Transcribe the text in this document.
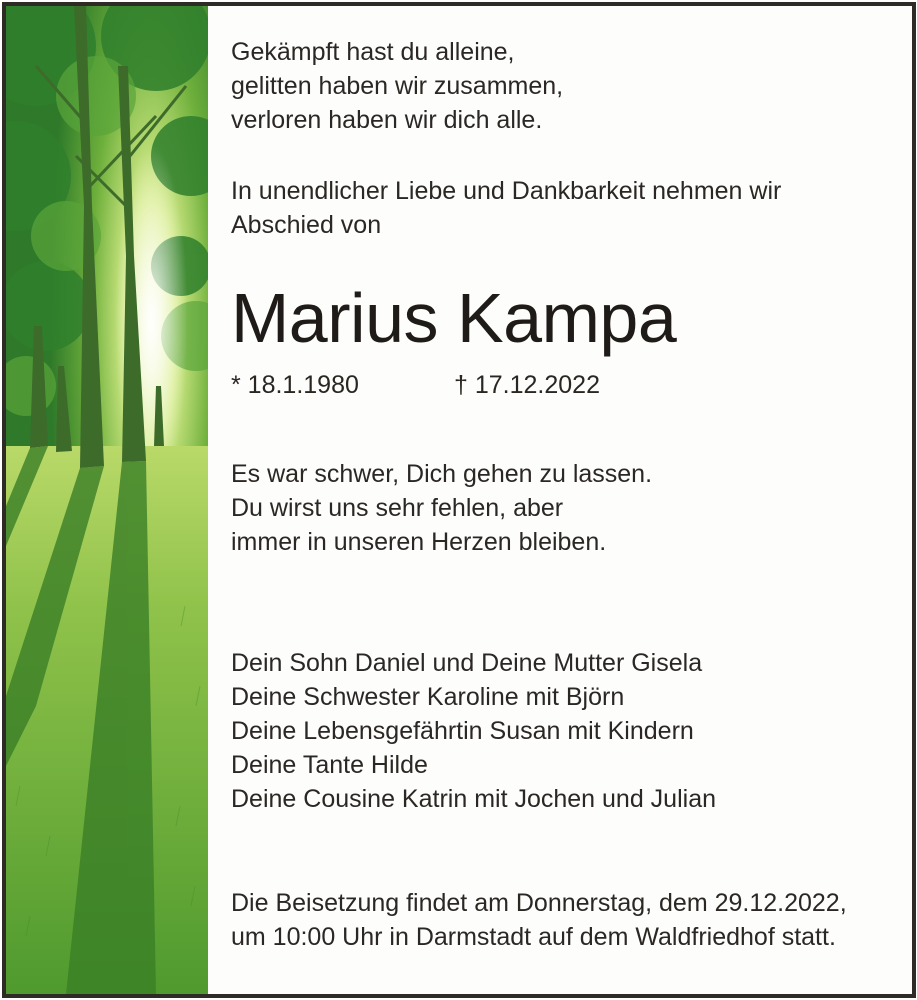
Gekämpft hast du alleine,
gelitten haben wir zusammen,
verloren haben wir dich alle.
In unendlicher Liebe und Dankbarkeit nehmen wir
Abschied von
Marius Kampa
* 18.1.1980	† 17.12.2022
Es war schwer, Dich gehen zu lassen.
Du wirst uns sehr fehlen, aber
immer in unseren Herzen bleiben.
Dein Sohn Daniel und Deine Mutter Gisela
Deine Schwester Karoline mit Björn
Deine Lebensgefährtin Susan mit Kindern
Deine Tante Hilde
Deine Cousine Katrin mit Jochen und Julian
Die Beisetzung findet am Donnerstag, dem 29.12.2022,
um 10:00 Uhr in Darmstadt auf dem Waldfriedhof statt.
